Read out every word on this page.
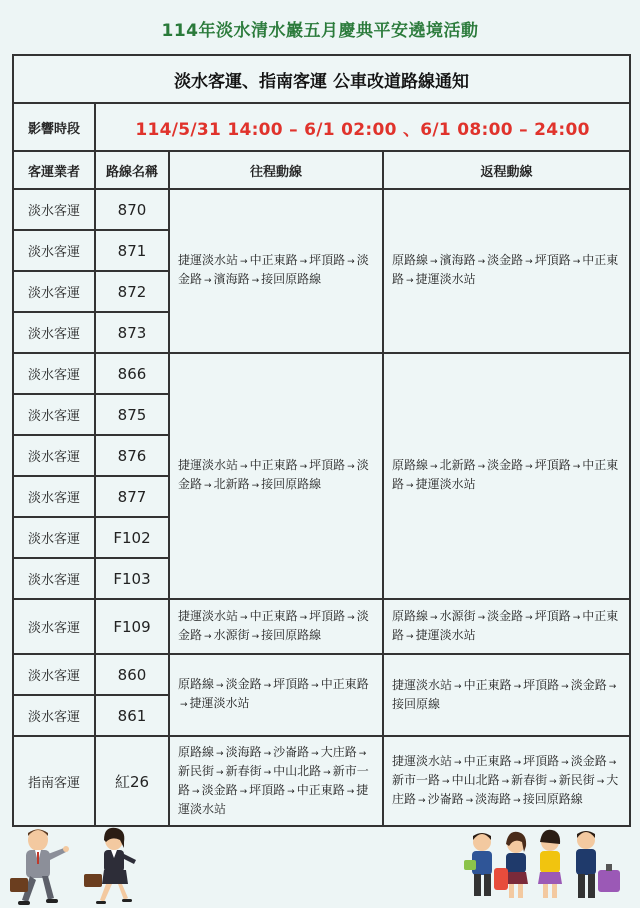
114年淡水清水巖五月慶典平安遶境活動
淡水客運、指南客運 公車改道路線通知			
影響時段	114/5/31 14:00 – 6/1 02:00 、6/1 08:00 – 24:00		
客運業者	路線名稱	往程動線	返程動線
淡水客運	870	捷運淡水站 → 中正東路 → 坪頂路 → 淡金路 → 濱海路 → 接回原路線	原路線 → 濱海路 → 淡金路 → 坪頂路 → 中正東路 → 捷運淡水站
淡水客運	871		
淡水客運	872		
淡水客運	873		
淡水客運	866	捷運淡水站 → 中正東路 → 坪頂路 → 淡金路 → 北新路 → 接回原路線	原路線 → 北新路 → 淡金路 → 坪頂路 → 中正東路 → 捷運淡水站
淡水客運	875		
淡水客運	876		
淡水客運	877		
淡水客運	F102		
淡水客運	F103		
淡水客運	F109	捷運淡水站 → 中正東路 → 坪頂路 → 淡金路 → 水源街 → 接回原路線	原路線 → 水源街 → 淡金路 → 坪頂路 → 中正東路 → 捷運淡水站
淡水客運	860	原路線 → 淡金路 → 坪頂路 → 中正東路→ 捷運淡水站	捷運淡水站 → 中正東路 → 坪頂路 → 淡金路 →接回原線
淡水客運	861		
指南客運	紅26	原路線 → 淡海路 → 沙崙路 → 大庄路 →新民街 → 新春街 → 中山北路 → 新市一路 → 淡金路 → 坪頂路 → 中正東路 → 捷運淡水站	捷運淡水站 → 中正東路 → 坪頂路 → 淡金路 →新市一路 → 中山北路 → 新春街 → 新民街 → 大庄路 → 沙崙路 → 淡海路 → 接回原路線
